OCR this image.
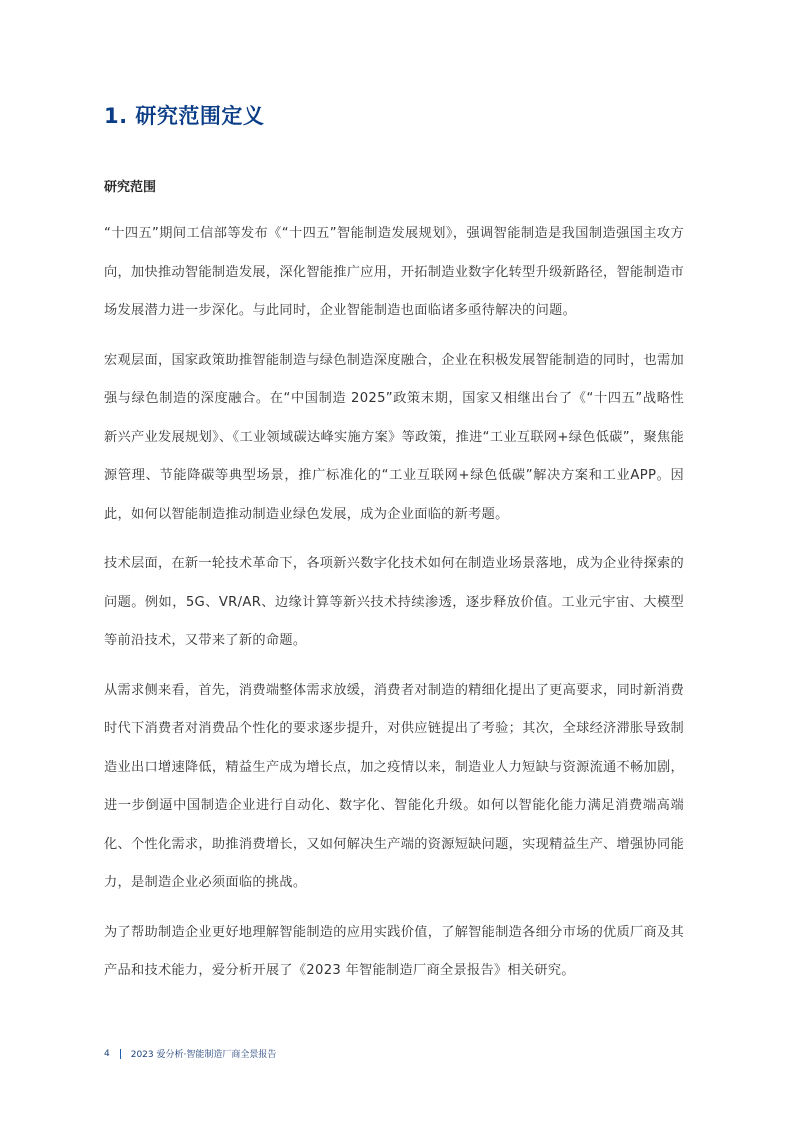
1. 研究范围定义
研究范围

“十四五”期间工信部等发布《“十四五”智能制造发展规划》，强调智能制造是我国制造强国主攻方向，加快推动智能制造发展，深化智能推广应用，开拓制造业数字化转型升级新路径，智能制造市场发展潜力进一步深化。与此同时，企业智能制造也面临诸多亟待解决的问题。

宏观层面，国家政策助推智能制造与绿色制造深度融合，企业在积极发展智能制造的同时，也需加强与绿色制造的深度融合。在“中国制造 2025”政策末期，国家又相继出台了《“十四五”战略性新兴产业发展规划》、《工业领域碳达峰实施方案》等政策，推进“工业互联网+绿色低碳”，聚焦能源管理、节能降碳等典型场景，推广标准化的“工业互联网+绿色低碳”解决方案和工业APP。因此，如何以智能制造推动制造业绿色发展，成为企业面临的新考题。

技术层面，在新一轮技术革命下，各项新兴数字化技术如何在制造业场景落地，成为企业待探索的问题。例如，5G、VR/AR、边缘计算等新兴技术持续渗透，逐步释放价值。工业元宇宙、大模型等前沿技术，又带来了新的命题。

从需求侧来看，首先，消费端整体需求放缓，消费者对制造的精细化提出了更高要求，同时新消费时代下消费者对消费品个性化的要求逐步提升，对供应链提出了考验；其次，全球经济滞胀导致制造业出口增速降低，精益生产成为增长点，加之疫情以来，制造业人力短缺与资源流通不畅加剧，进一步倒逼中国制造企业进行自动化、数字化、智能化升级。如何以智能化能力满足消费端高端化、个性化需求，助推消费增长，又如何解决生产端的资源短缺问题，实现精益生产、增强协同能力，是制造企业必须面临的挑战。

为了帮助制造企业更好地理解智能制造的应用实践价值，了解智能制造各细分市场的优质厂商及其产品和技术能力，爱分析开展了《2023 年智能制造厂商全景报告》相关研究。

4 2023 爱分析·智能制造厂商全景报告
